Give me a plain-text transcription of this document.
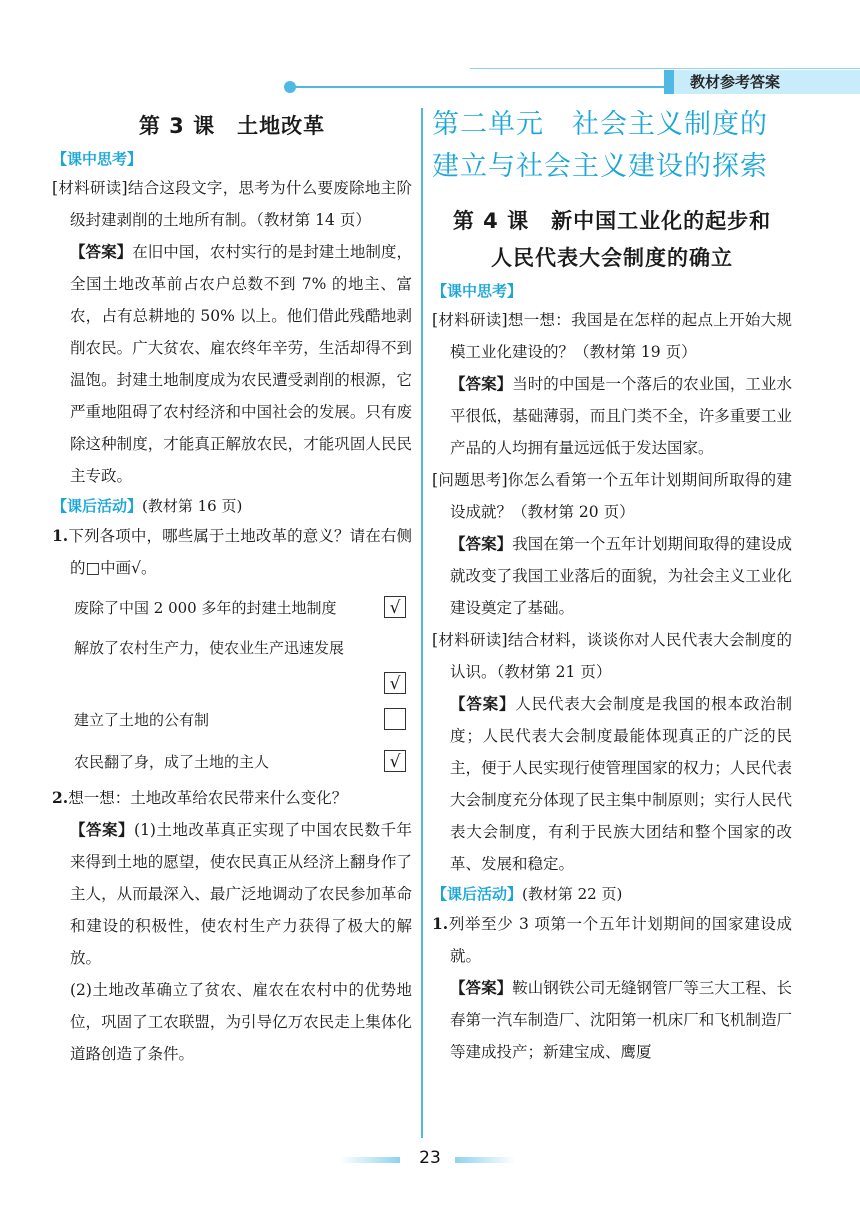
教材参考答案
第 3 课　土地改革
【课中思考】

[材料研读]结合这段文字，思考为什么要废除地主阶级封建剥削的土地所有制。（教材第 14 页）

【答案】在旧中国，农村实行的是封建土地制度，全国土地改革前占农户总数不到 7% 的地主、富农，占有总耕地的 50% 以上。他们借此残酷地剥削农民。广大贫农、雇农终年辛劳，生活却得不到温饱。封建土地制度成为农民遭受剥削的根源，它严重地阻碍了农村经济和中国社会的发展。只有废除这种制度，才能真正解放农民，才能巩固人民民主专政。

【课后活动】(教材第 16 页)

1.下列各项中，哪些属于土地改革的意义？请在右侧的□中画√。

废除了中国 2 000 多年的封建土地制度	√
解放了农村生产力，使农业生产迅速发展
√
建立了土地的公有制
农民翻了身，成了土地的主人	√

2.想一想：土地改革给农民带来什么变化？

【答案】(1)土地改革真正实现了中国农民数千年来得到土地的愿望，使农民真正从经济上翻身作了主人，从而最深入、最广泛地调动了农民参加革命和建设的积极性，使农村生产力获得了极大的解放。

(2)土地改革确立了贫农、雇农在农村中的优势地位，巩固了工农联盟，为引导亿万农民走上集体化道路创造了条件。

第二单元　社会主义制度的
建立与社会主义建设的探索
第 4 课　新中国工业化的起步和
人民代表大会制度的确立
【课中思考】

[材料研读]想一想：我国是在怎样的起点上开始大规模工业化建设的？（教材第 19 页）

【答案】当时的中国是一个落后的农业国，工业水平很低，基础薄弱，而且门类不全，许多重要工业产品的人均拥有量远远低于发达国家。

[问题思考]你怎么看第一个五年计划期间所取得的建设成就？（教材第 20 页）

【答案】我国在第一个五年计划期间取得的建设成就改变了我国工业落后的面貌，为社会主义工业化建设奠定了基础。

[材料研读]结合材料，谈谈你对人民代表大会制度的认识。（教材第 21 页）

【答案】人民代表大会制度是我国的根本政治制度；人民代表大会制度最能体现真正的广泛的民主，便于人民实现行使管理国家的权力；人民代表大会制度充分体现了民主集中制原则；实行人民代表大会制度，有利于民族大团结和整个国家的改革、发展和稳定。

【课后活动】(教材第 22 页)

1.列举至少 3 项第一个五年计划期间的国家建设成就。

【答案】鞍山钢铁公司无缝钢管厂等三大工程、长春第一汽车制造厂、沈阳第一机床厂和飞机制造厂等建成投产；新建宝成、鹰厦

23
